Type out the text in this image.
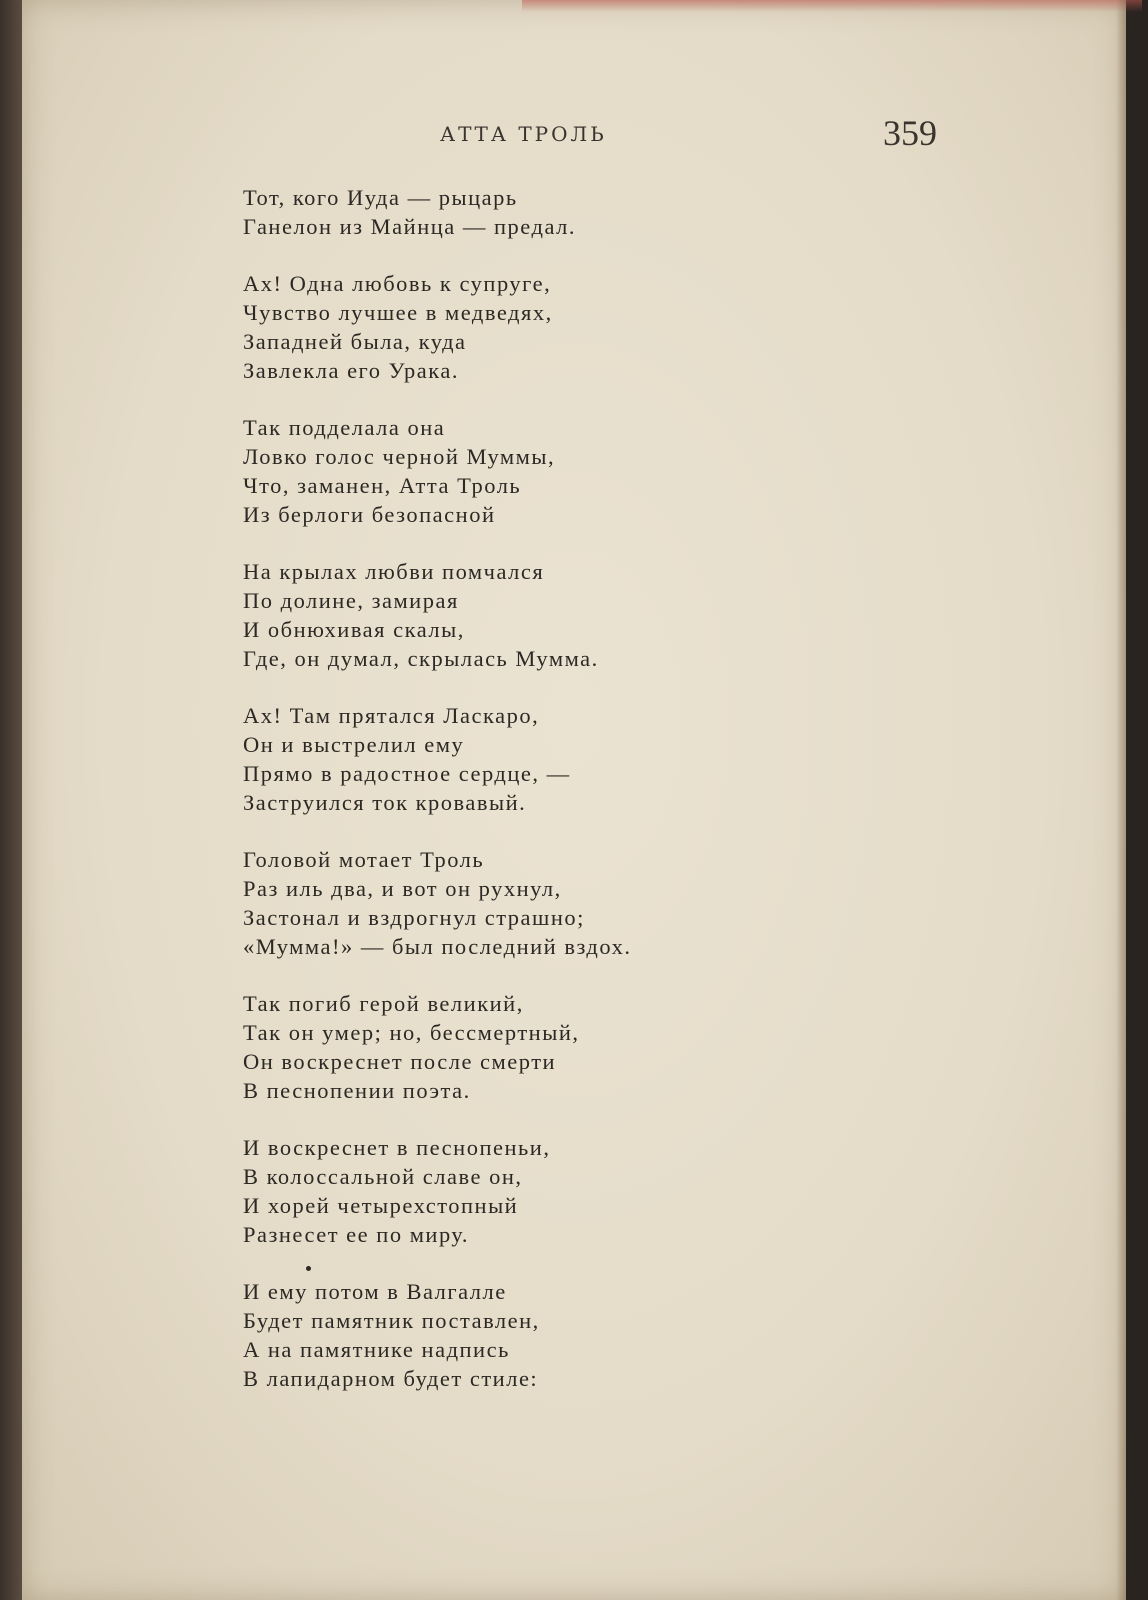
АТТА ТРОЛЬ	359
Тот, кого Иуда — рыцарь
Ганелон из Майнца — предал.
Ах! Одна любовь к супруге,
Чувство лучшее в медведях,
Западней была, куда
Завлекла его Урака.
Так подделала она
Ловко голос черной Муммы,
Что, заманен, Атта Троль
Из берлоги безопасной
На крылах любви помчался
По долине, замирая
И обнюхивая скалы,
Где, он думал, скрылась Мумма.
Ах! Там прятался Ласкаро,
Он и выстрелил ему
Прямо в радостное сердце, —
Заструился ток кровавый.
Головой мотает Троль
Раз иль два, и вот он рухнул,
Застонал и вздрогнул страшно;
«Мумма!» — был последний вздох.
Так погиб герой великий,
Так он умер; но, бессмертный,
Он воскреснет после смерти
В песнопении поэта.
И воскреснет в песнопеньи,
В колоссальной славе он,
И хорей четырехстопный
Разнесет ее по миру.
И ему потом в Валгалле
Будет памятник поставлен,
А на памятнике надпись
В лапидарном будет стиле:
